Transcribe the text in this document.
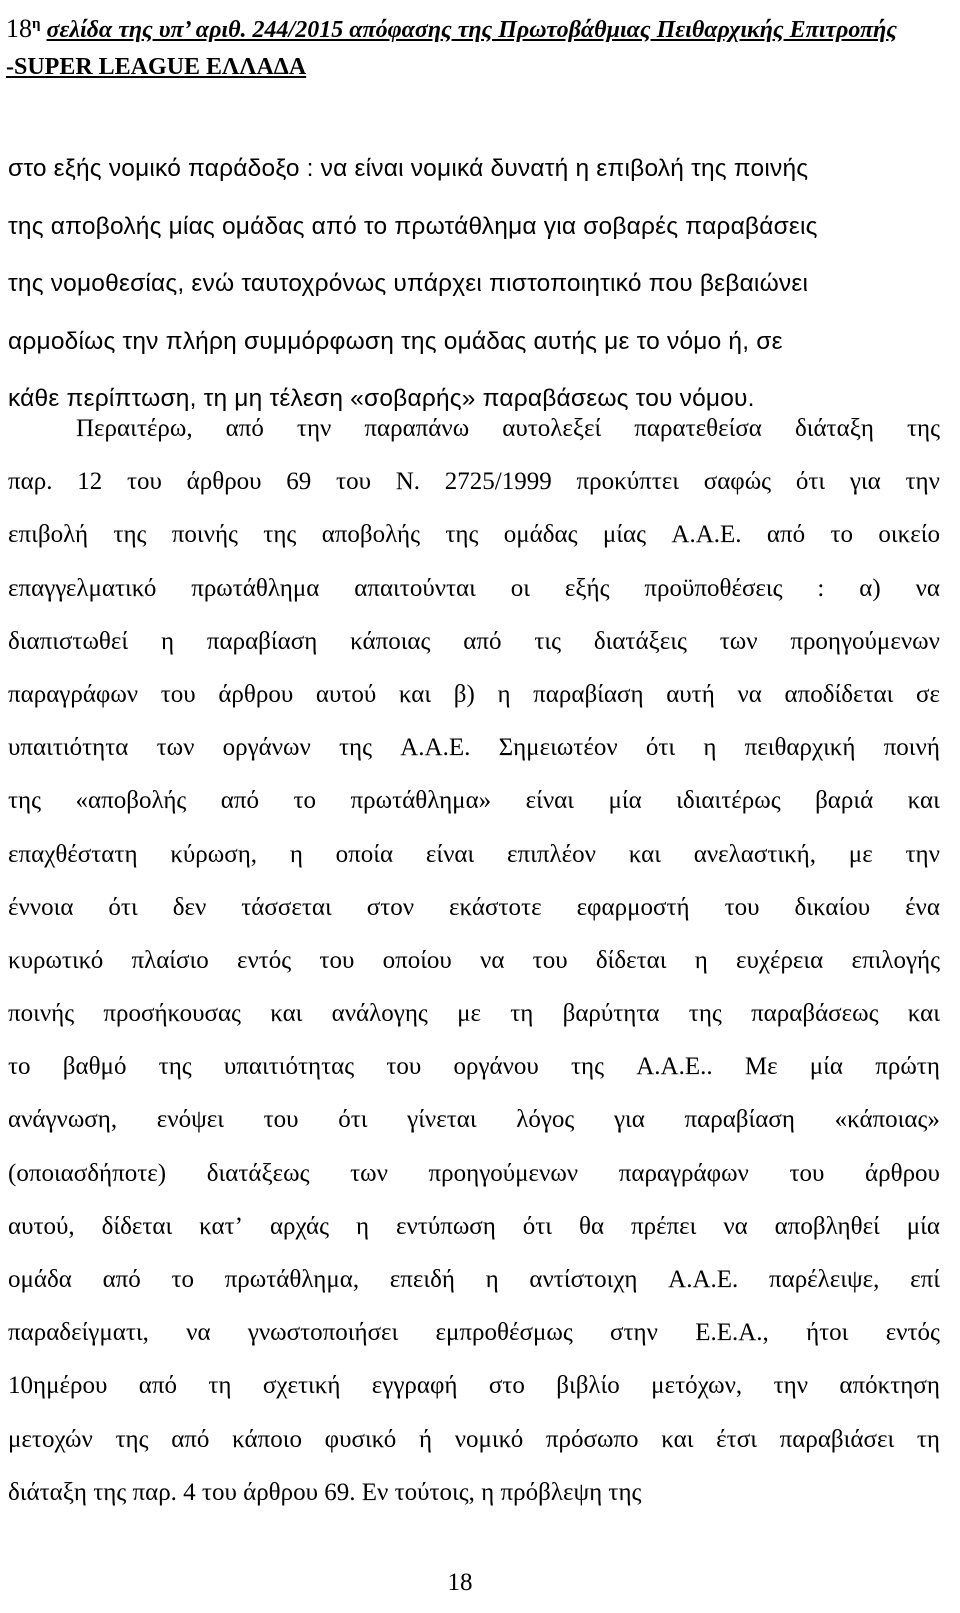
$18^\eta$ σελίδα της υπ’ αριθ. 244/2015 απόφασης της Πρωτοβάθμιας Πειθαρχικής Επιτροπής
-SUPER LEAGUE ΕΛΛΑΔΑ
στο εξής νομικό παράδοξο : να είναι νομικά δυνατή η επιβολή της ποινής
της αποβολής μίας ομάδας από το πρωτάθλημα για σοβαρές παραβάσεις
της νομοθεσίας, ενώ ταυτοχρόνως υπάρχει πιστοποιητικό που βεβαιώνει
αρμοδίως την πλήρη συμμόρφωση της ομάδας αυτής με το νόμο ή, σε
κάθε περίπτωση, τη μη τέλεση «σοβαρής» παραβάσεως του νόμου.
Περαιτέρω, από την παραπάνω αυτολεξεί παρατεθείσα διάταξη της
παρ. 12 του άρθρου 69 του Ν. 2725/1999 προκύπτει σαφώς ότι για την
επιβολή της ποινής της αποβολής της ομάδας μίας Α.Α.Ε. από το οικείο
επαγγελματικό πρωτάθλημα απαιτούνται οι εξής προϋποθέσεις : α) να
διαπιστωθεί η παραβίαση κάποιας από τις διατάξεις των προηγούμενων
παραγράφων του άρθρου αυτού και β) η παραβίαση αυτή να αποδίδεται σε
υπαιτιότητα των οργάνων της Α.Α.Ε. Σημειωτέον ότι η πειθαρχική ποινή
της «αποβολής από το πρωτάθλημα» είναι μία ιδιαιτέρως βαριά και
επαχθέστατη κύρωση, η οποία είναι επιπλέον και ανελαστική, με την
έννοια ότι δεν τάσσεται στον εκάστοτε εφαρμοστή του δικαίου ένα
κυρωτικό πλαίσιο εντός του οποίου να του δίδεται η ευχέρεια επιλογής
ποινής προσήκουσας και ανάλογης με τη βαρύτητα της παραβάσεως και
το βαθμό της υπαιτιότητας του οργάνου της Α.Α.Ε.. Με μία πρώτη
ανάγνωση, ενόψει του ότι γίνεται λόγος για παραβίαση «κάποιας»
(οποιασδήποτε) διατάξεως των προηγούμενων παραγράφων του άρθρου
αυτού, δίδεται κατ’ αρχάς η εντύπωση ότι θα πρέπει να αποβληθεί μία
ομάδα από το πρωτάθλημα, επειδή η αντίστοιχη Α.Α.Ε. παρέλειψε, επί
παραδείγματι, να γνωστοποιήσει εμπροθέσμως στην Ε.Ε.Α., ήτοι εντός
10ημέρου από τη σχετική εγγραφή στο βιβλίο μετόχων, την απόκτηση
μετοχών της από κάποιο φυσικό ή νομικό πρόσωπο και έτσι παραβιάσει τη
διάταξη της παρ. 4 του άρθρου 69. Εν τούτοις, η πρόβλεψη της
18
